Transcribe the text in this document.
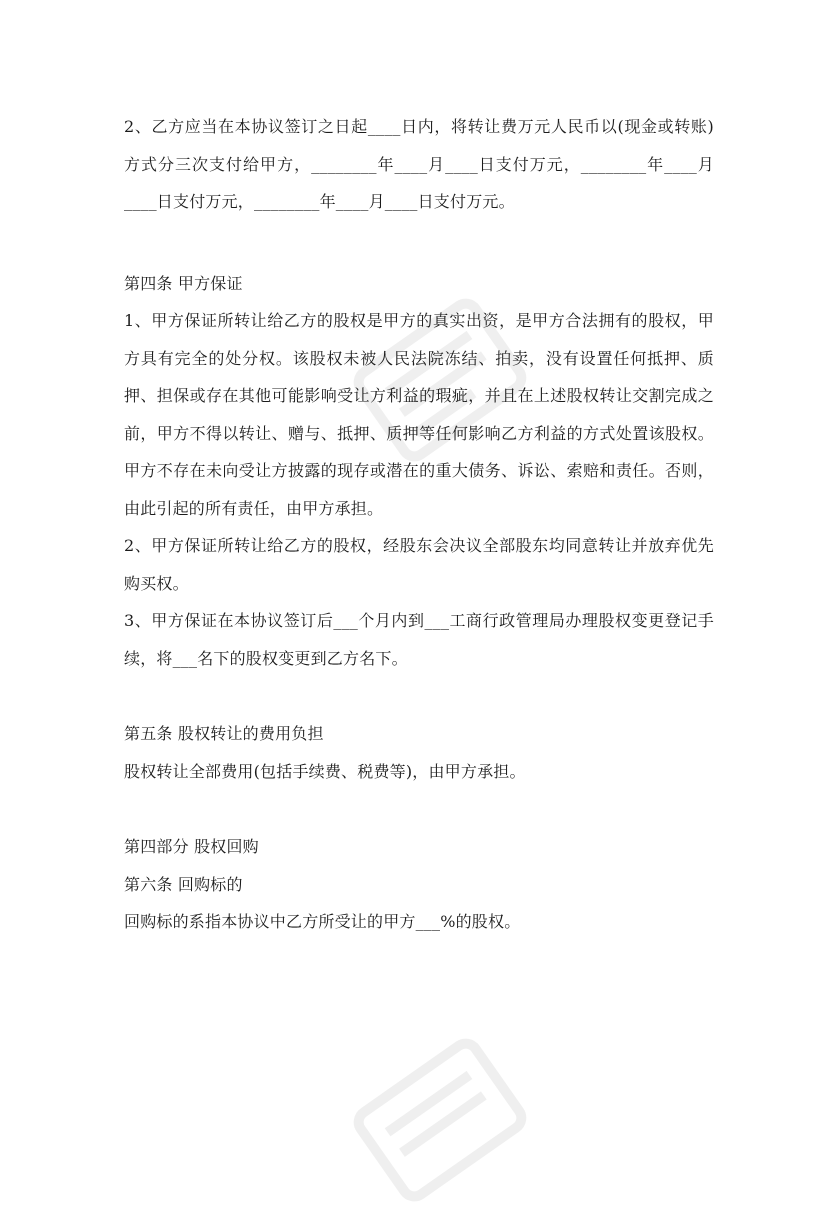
2、乙方应当在本协议签订之日起____日内，将转让费万元人民币以(现金或转账)方式分三次支付给甲方，________年____月____日支付万元，________年____月____日支付万元，________年____月____日支付万元。

第四条 甲方保证

1、甲方保证所转让给乙方的股权是甲方的真实出资，是甲方合法拥有的股权，甲方具有完全的处分权。该股权未被人民法院冻结、拍卖，没有设置任何抵押、质押、担保或存在其他可能影响受让方利益的瑕疵，并且在上述股权转让交割完成之前，甲方不得以转让、赠与、抵押、质押等任何影响乙方利益的方式处置该股权。甲方不存在未向受让方披露的现存或潜在的重大债务、诉讼、索赔和责任。否则，由此引起的所有责任，由甲方承担。

2、甲方保证所转让给乙方的股权，经股东会决议全部股东均同意转让并放弃优先购买权。

3、甲方保证在本协议签订后___个月内到___工商行政管理局办理股权变更登记手续，将___名下的股权变更到乙方名下。

第五条 股权转让的费用负担

股权转让全部费用(包括手续费、税费等)，由甲方承担。

第四部分 股权回购

第六条 回购标的

回购标的系指本协议中乙方所受让的甲方___%的股权。
